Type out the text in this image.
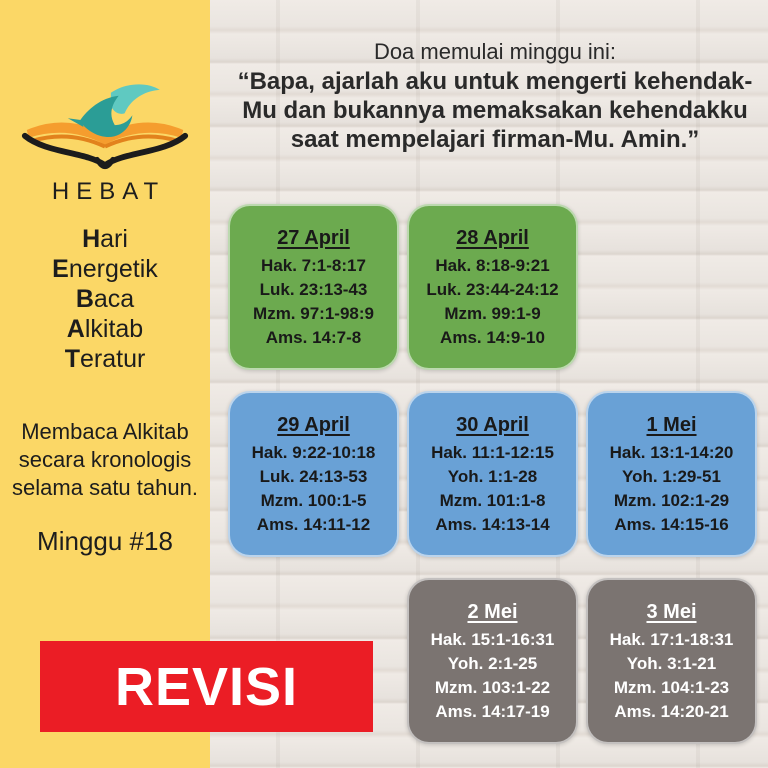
HEBAT
Hari
Energetik
Baca
Alkitab
Teratur

Membaca Alkitab secara kronologis selama satu tahun.

Minggu #18
REVISI
Doa memulai minggu ini:
“Bapa, ajarlah aku untuk mengerti kehendak-
Mu dan bukannya memaksakan kehendakku
saat mempelajari firman-Mu. Amin.”
27 April
Hak. 7:1-8:17
Luk. 23:13-43
Mzm. 97:1-98:9
Ams. 14:7-8
28 April
Hak. 8:18-9:21
Luk. 23:44-24:12
Mzm. 99:1-9
Ams. 14:9-10
29 April
Hak. 9:22-10:18
Luk. 24:13-53
Mzm. 100:1-5
Ams. 14:11-12
30 April
Hak. 11:1-12:15
Yoh. 1:1-28
Mzm. 101:1-8
Ams. 14:13-14
1 Mei
Hak. 13:1-14:20
Yoh. 1:29-51
Mzm. 102:1-29
Ams. 14:15-16
2 Mei
Hak. 15:1-16:31
Yoh. 2:1-25
Mzm. 103:1-22
Ams. 14:17-19
3 Mei
Hak. 17:1-18:31
Yoh. 3:1-21
Mzm. 104:1-23
Ams. 14:20-21
